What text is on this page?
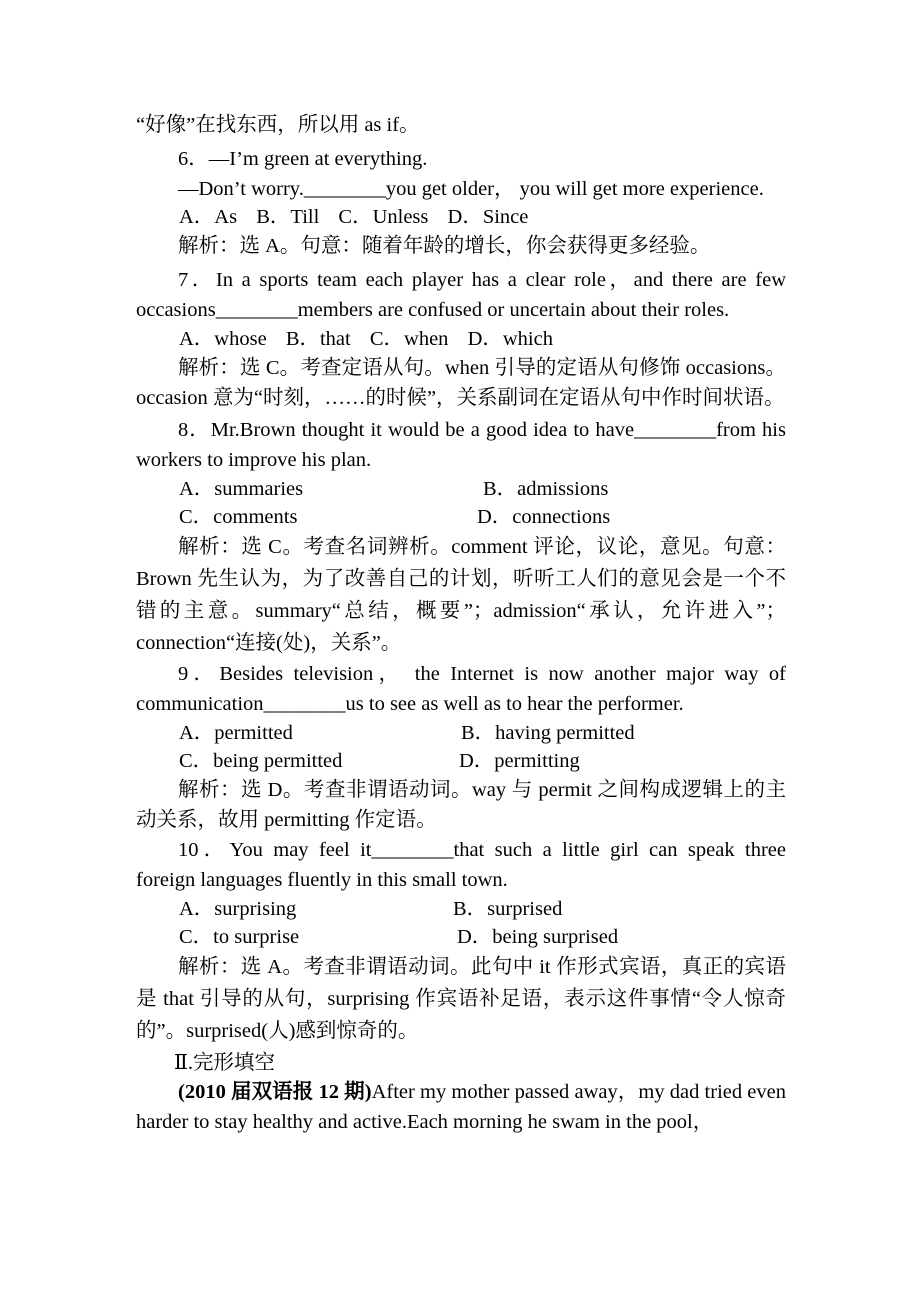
“好像”在找东西，所以用 as if。

6．—I’m green at everything.

—Don’t worry.________you get older， you will get more experience.

A．As B．Till C．Unless D．Since

解析：选 A。句意：随着年龄的增长，你会获得更多经验。

7．In a sports team each player has a clear role，and there are few occasions________members are confused or uncertain about their roles.

A．whose B．that C．when D．which

解析：选 C。考查定语从句。when 引导的定语从句修饰 occasions。occasion 意为“时刻，……的时候”，关系副词在定语从句中作时间状语。

8．Mr.Brown thought it would be a good idea to have________from his workers to improve his plan.

A．summaries	B．admissions
C．comments	D．connections

解析：选 C。考查名词辨析。comment 评论，议论，意见。句意：Brown 先生认为，为了改善自己的计划，听听工人们的意见会是一个不错的主意。summary“总结，概要”；admission“承认，允许进入”；connection“连接(处)，关系”。

9．Besides television， the Internet is now another major way of communication________us to see as well as to hear the performer.

A．permitted	B．having permitted
C．being permitted	D．permitting

解析：选 D。考查非谓语动词。way 与 permit 之间构成逻辑上的主动关系，故用 permitting 作定语。

10．You may feel it________that such a little girl can speak three foreign languages fluently in this small town.

A．surprising	B．surprised
C．to surprise	D．being surprised

解析：选 A。考查非谓语动词。此句中 it 作形式宾语，真正的宾语是 that 引导的从句，surprising 作宾语补足语，表示这件事情“令人惊奇的”。surprised(人)感到惊奇的。

Ⅱ.完形填空

(2010 届双语报 12 期)After my mother passed away，my dad tried even harder to stay healthy and active.Each morning he swam in the pool，
